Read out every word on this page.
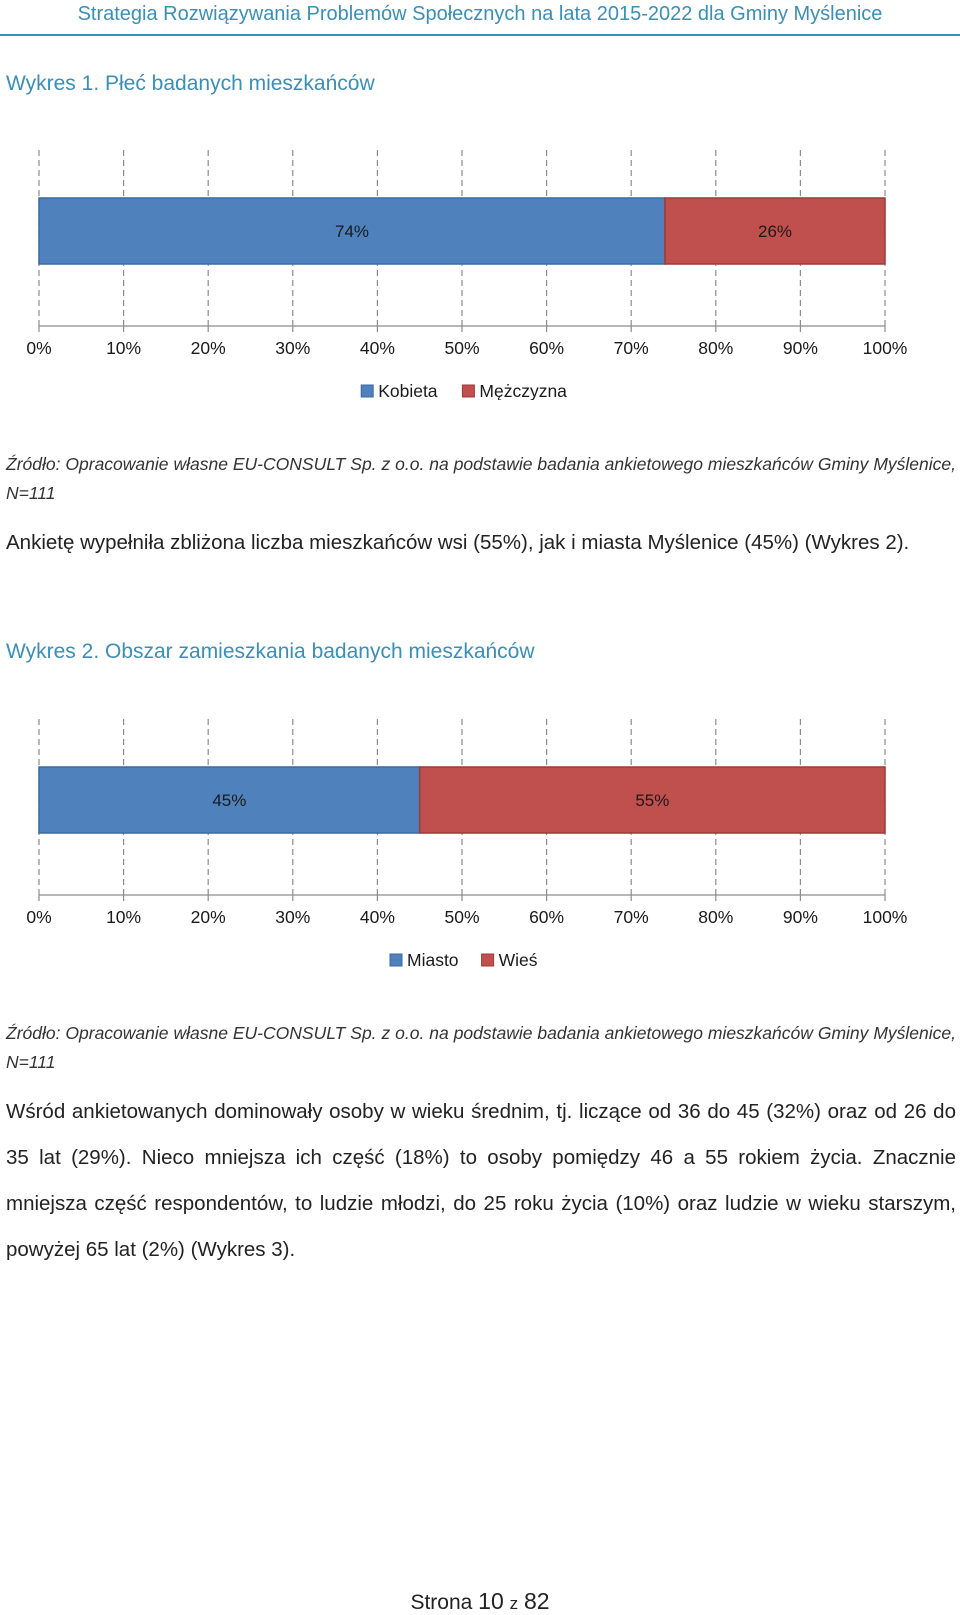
Strategia Rozwiązywania Problemów Społecznych na lata 2015-2022 dla Gminy Myślenice
Wykres 1. Płeć badanych mieszkańców
0%	10%	20%	30%	40%	50%	60%	70%	80%	90%	100%
74%	26%
Kobieta Mężczyzna
Źródło: Opracowanie własne EU-CONSULT Sp. z o.o. na podstawie badania ankietowego mieszkańców Gminy Myślenice, N=111
Ankietę wypełniła zbliżona liczba mieszkańców wsi (55%), jak i miasta Myślenice (45%) (Wykres 2).
Wykres 2. Obszar zamieszkania badanych mieszkańców
0%	10%	20%	30%	40%	50%	60%	70%	80%	90%	100%
45%	55%
Miasto Wieś
Źródło: Opracowanie własne EU-CONSULT Sp. z o.o. na podstawie badania ankietowego mieszkańców Gminy Myślenice, N=111
Wśród ankietowanych dominowały osoby w wieku średnim, tj. liczące od 36 do 45 (32%) oraz od 26 do 35 lat (29%). Nieco mniejsza ich część (18%) to osoby pomiędzy 46 a 55 rokiem życia. Znacznie mniejsza część respondentów, to ludzie młodzi, do 25 roku życia (10%) oraz ludzie w wieku starszym, powyżej 65 lat (2%) (Wykres 3).
Strona 10 z 82
